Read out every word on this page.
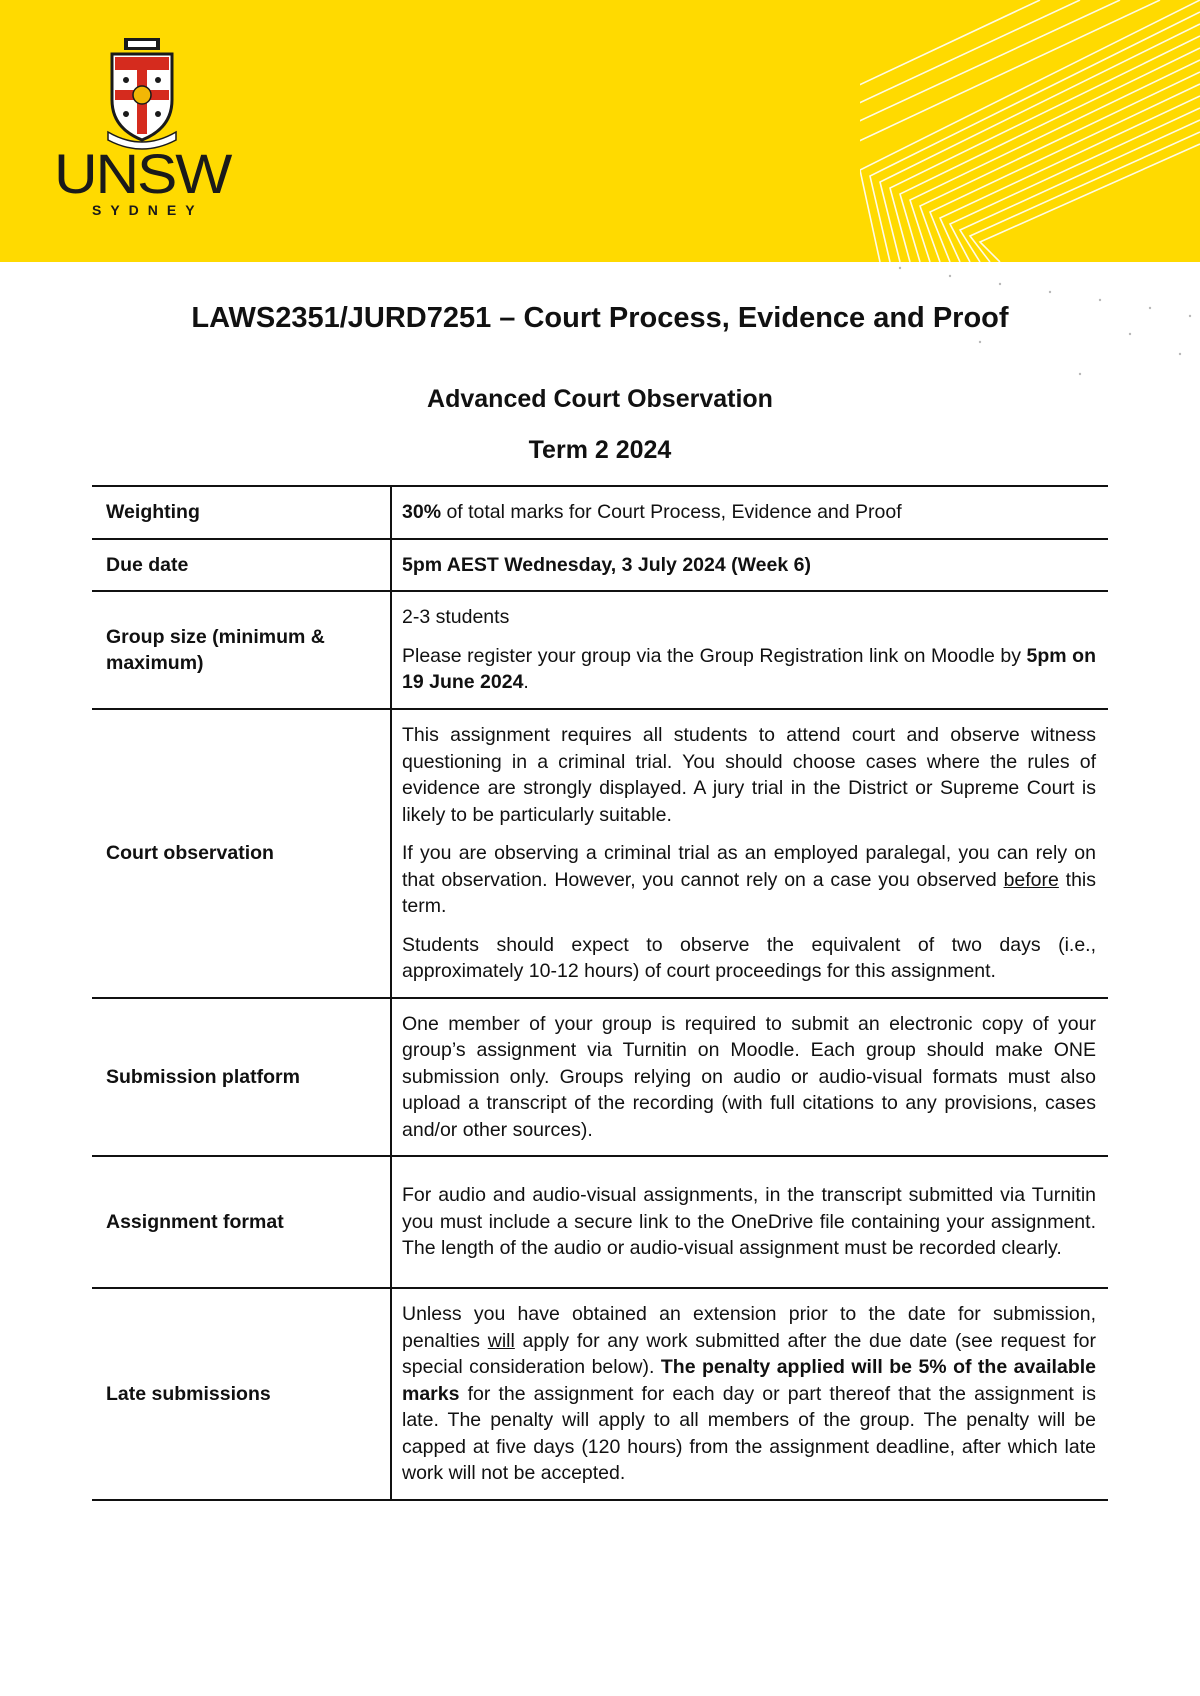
UNSW
SYDNEY
LAWS2351/JURD7251 – Court Process, Evidence and Proof
Advanced Court Observation
Term 2 2024
Weighting	30% of total marks for Court Process, Evidence and Proof
Due date	5pm AEST Wednesday, 3 July 2024 (Week 6)
Group size (minimum & maximum)	2-3 students

Please register your group via the Group Registration link on Moodle by 5pm on 19 June 2024.

Court observation	This assignment requires all students to attend court and observe witness questioning in a criminal trial. You should choose cases where the rules of evidence are strongly displayed. A jury trial in the District or Supreme Court is likely to be particularly suitable.

If you are observing a criminal trial as an employed paralegal, you can rely on that observation. However, you cannot rely on a case you observed before this term.

Students should expect to observe the equivalent of two days (i.e., approximately 10-12 hours) of court proceedings for this assignment.

Submission platform	One member of your group is required to submit an electronic copy of your group’s assignment via Turnitin on Moodle. Each group should make ONE submission only. Groups relying on audio or audio-visual formats must also upload a transcript of the recording (with full citations to any provisions, cases and/or other sources).
Assignment format	For audio and audio-visual assignments, in the transcript submitted via Turnitin you must include a secure link to the OneDrive file containing your assignment. The length of the audio or audio-visual assignment must be recorded clearly.
Late submissions	Unless you have obtained an extension prior to the date for submission, penalties will apply for any work submitted after the due date (see request for special consideration below). The penalty applied will be 5% of the available marks for the assignment for each day or part thereof that the assignment is late. The penalty will apply to all members of the group. The penalty will be capped at five days (120 hours) from the assignment deadline, after which late work will not be accepted.
